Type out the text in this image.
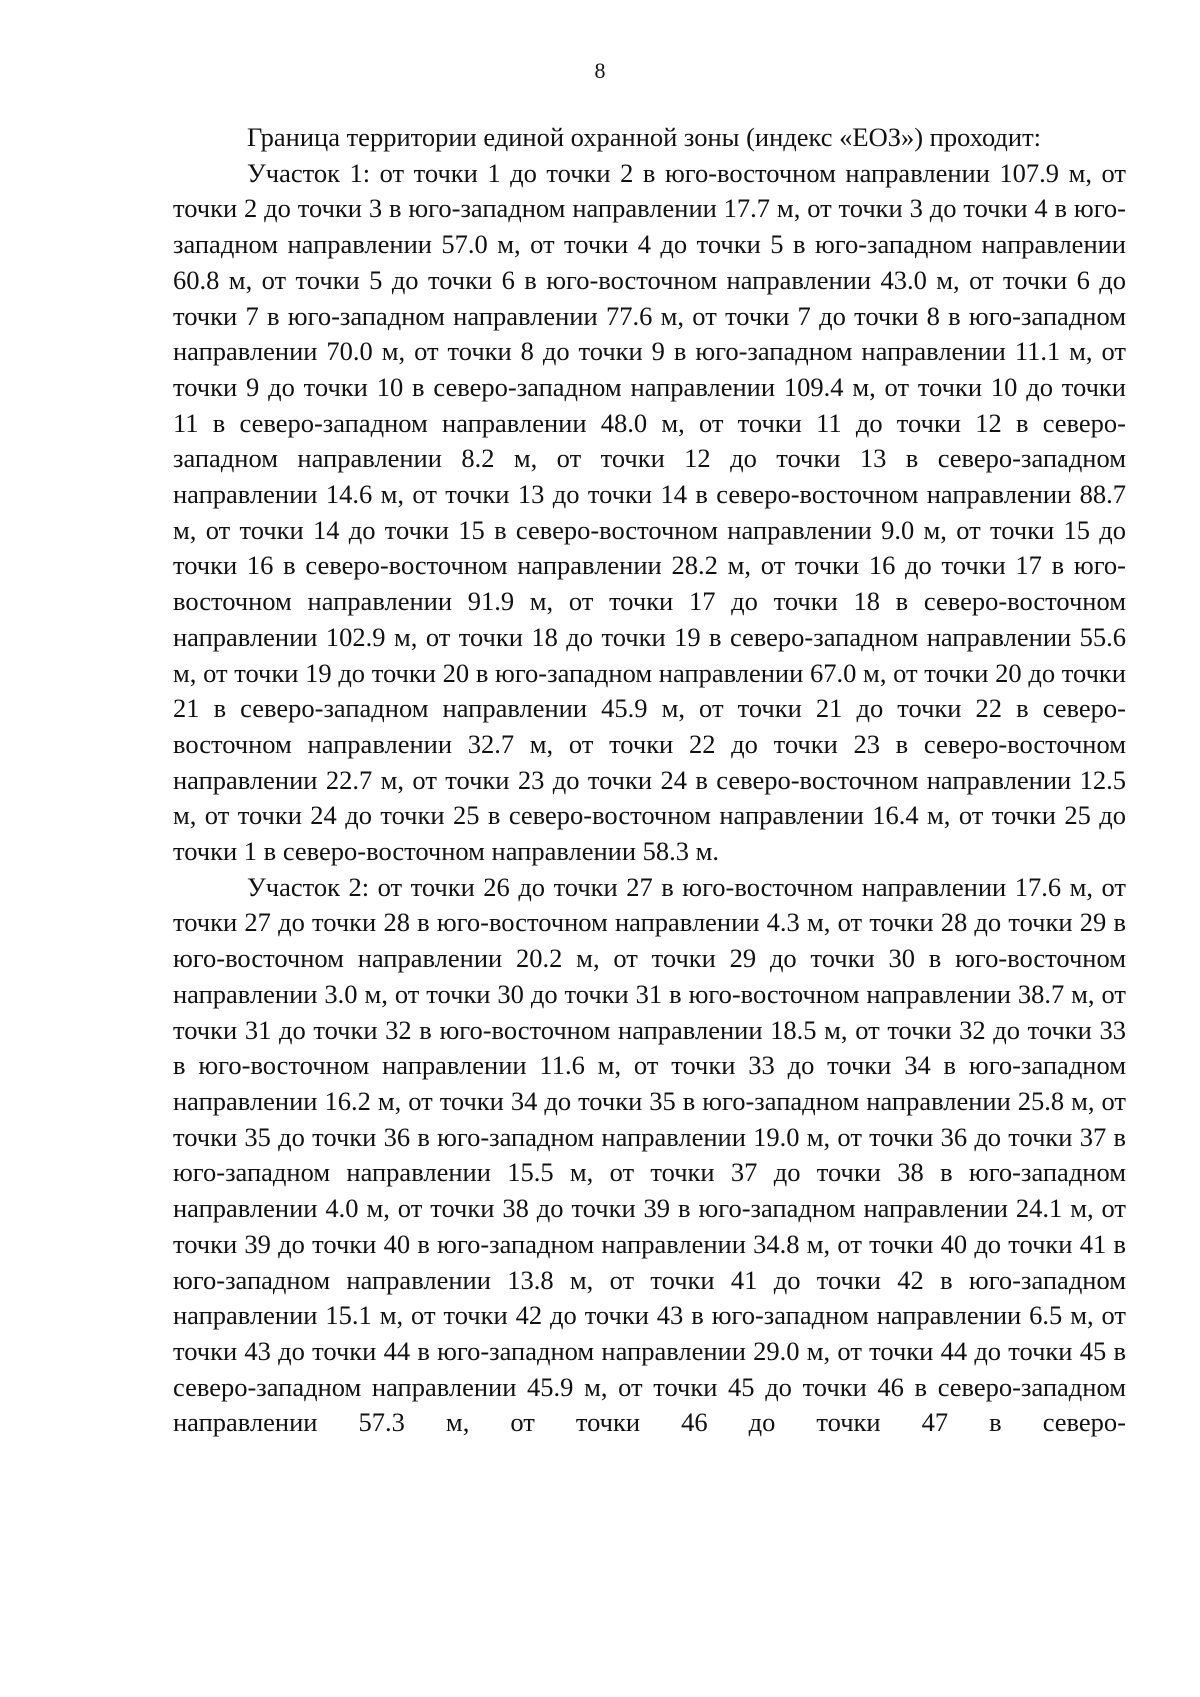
8

Граница территории единой охранной зоны (индекс «ЕОЗ») проходит:

Участок 1: от точки 1 до точки 2 в юго-восточном направлении 107.9 м, от точки 2 до точки 3 в юго-западном направлении 17.7 м, от точки 3 до точки 4 в юго-западном направлении 57.0 м, от точки 4 до точки 5 в юго-западном направлении 60.8 м, от точки 5 до точки 6 в юго-восточном направлении 43.0 м, от точки 6 до точки 7 в юго-западном направлении 77.6 м, от точки 7 до точки 8 в юго-западном направлении 70.0 м, от точки 8 до точки 9 в юго-западном направлении 11.1 м, от точки 9 до точки 10 в северо-западном направлении 109.4 м, от точки 10 до точки 11 в северо-западном направлении 48.0 м, от точки 11 до точки 12 в северо-западном направлении 8.2 м, от точки 12 до точки 13 в северо-западном направлении 14.6 м, от точки 13 до точки 14 в северо-восточном направлении 88.7 м, от точки 14 до точки 15 в северо-восточном направлении 9.0 м, от точки 15 до точки 16 в северо-восточном направлении 28.2 м, от точки 16 до точки 17 в юго-восточном направлении 91.9 м, от точки 17 до точки 18 в северо-восточном направлении 102.9 м, от точки 18 до точки 19 в северо-западном направлении 55.6 м, от точки 19 до точки 20 в юго-западном направлении 67.0 м, от точки 20 до точки 21 в северо-западном направлении 45.9 м, от точки 21 до точки 22 в северо-восточном направлении 32.7 м, от точки 22 до точки 23 в северо-восточном направлении 22.7 м, от точки 23 до точки 24 в северо-восточном направлении 12.5 м, от точки 24 до точки 25 в северо-восточном направлении 16.4 м, от точки 25 до точки 1 в северо-восточном направлении 58.3 м.

Участок 2: от точки 26 до точки 27 в юго-восточном направлении 17.6 м, от точки 27 до точки 28 в юго-восточном направлении 4.3 м, от точки 28 до точки 29 в юго-восточном направлении 20.2 м, от точки 29 до точки 30 в юго-восточном направлении 3.0 м, от точки 30 до точки 31 в юго-восточном направлении 38.7 м, от точки 31 до точки 32 в юго-восточном направлении 18.5 м, от точки 32 до точки 33 в юго-восточном направлении 11.6 м, от точки 33 до точки 34 в юго-западном направлении 16.2 м, от точки 34 до точки 35 в юго-западном направлении 25.8 м, от точки 35 до точки 36 в юго-западном направлении 19.0 м, от точки 36 до точки 37 в юго-западном направлении 15.5 м, от точки 37 до точки 38 в юго-западном направлении 4.0 м, от точки 38 до точки 39 в юго-западном направлении 24.1 м, от точки 39 до точки 40 в юго-западном направлении 34.8 м, от точки 40 до точки 41 в юго-западном направлении 13.8 м, от точки 41 до точки 42 в юго-западном направлении 15.1 м, от точки 42 до точки 43 в юго-западном направлении 6.5 м, от точки 43 до точки 44 в юго-западном направлении 29.0 м, от точки 44 до точки 45 в северо-западном направлении 45.9 м, от точки 45 до точки 46 в северо-западном направлении 57.3 м, от точки 46 до точки 47 в северо-
